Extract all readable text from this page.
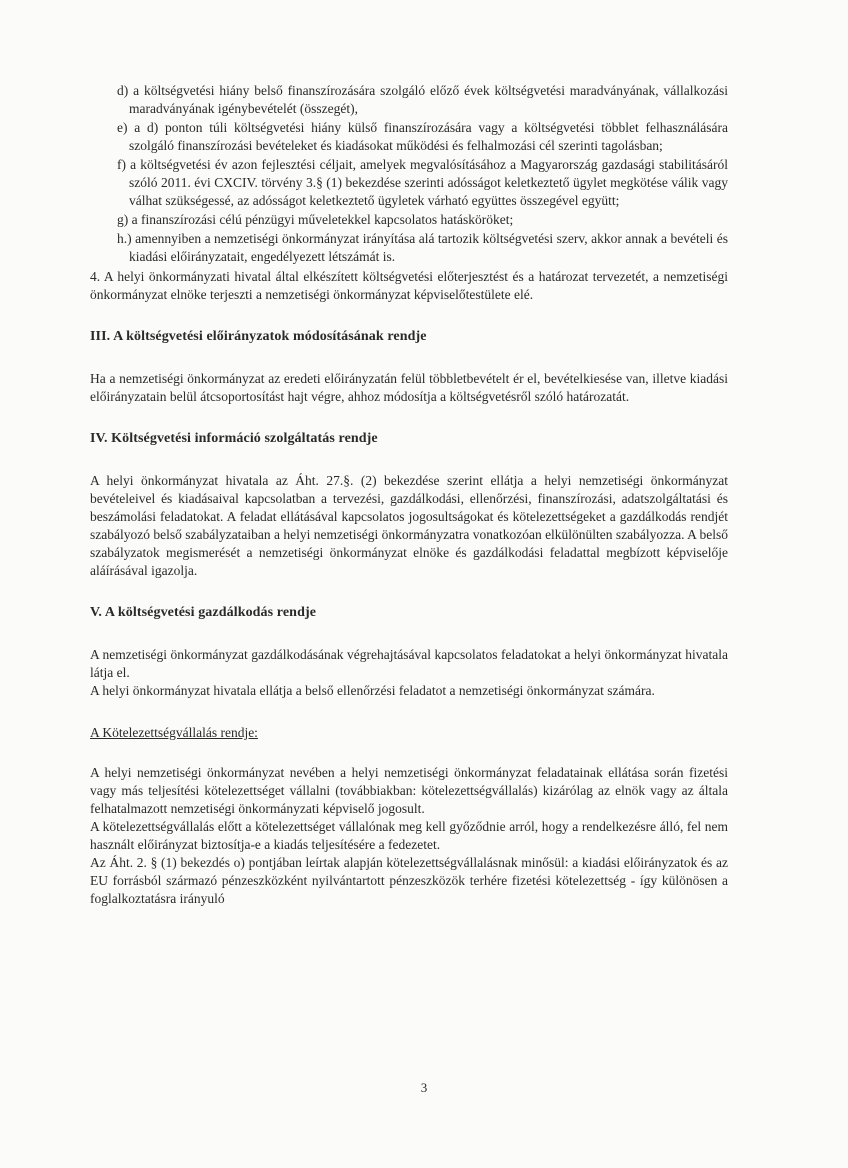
d) a költségvetési hiány belső finanszírozására szolgáló előző évek költségvetési maradványának, vállalkozási maradványának igénybevételét (összegét),

e) a d) ponton túli költségvetési hiány külső finanszírozására vagy a költségvetési többlet felhasználására szolgáló finanszírozási bevételeket és kiadásokat működési és felhalmozási cél szerinti tagolásban;

f) a költségvetési év azon fejlesztési céljait, amelyek megvalósításához a Magyarország gazdasági stabilitásáról szóló 2011. évi CXCIV. törvény 3.§ (1) bekezdése szerinti adósságot keletkeztető ügylet megkötése válik vagy válhat szükségessé, az adósságot keletkeztető ügyletek várható együttes összegével együtt;

g) a finanszírozási célú pénzügyi műveletekkel kapcsolatos hatásköröket;

h.) amennyiben a nemzetiségi önkormányzat irányítása alá tartozik költségvetési szerv, akkor annak a bevételi és kiadási előirányzatait, engedélyezett létszámát is.

4. A helyi önkormányzati hivatal által elkészített költségvetési előterjesztést és a határozat tervezetét, a nemzetiségi önkormányzat elnöke terjeszti a nemzetiségi önkormányzat képviselőtestülete elé.

III. A költségvetési előirányzatok módosításának rendje

Ha a nemzetiségi önkormányzat az eredeti előirányzatán felül többletbevételt ér el, bevételkiesése van, illetve kiadási előirányzatain belül átcsoportosítást hajt végre, ahhoz módosítja a költségvetésről szóló határozatát.

IV. Költségvetési információ szolgáltatás rendje

A helyi önkormányzat hivatala az Áht. 27.§. (2) bekezdése szerint ellátja a helyi nemzetiségi önkormányzat bevételeivel és kiadásaival kapcsolatban a tervezési, gazdálkodási, ellenőrzési, finanszírozási, adatszolgáltatási és beszámolási feladatokat. A feladat ellátásával kapcsolatos jogosultságokat és kötelezettségeket a gazdálkodás rendjét szabályozó belső szabályzataiban a helyi nemzetiségi önkormányzatra vonatkozóan elkülönülten szabályozza. A belső szabályzatok megismerését a nemzetiségi önkormányzat elnöke és gazdálkodási feladattal megbízott képviselője aláírásával igazolja.

V. A költségvetési gazdálkodás rendje

A nemzetiségi önkormányzat gazdálkodásának végrehajtásával kapcsolatos feladatokat a helyi önkormányzat hivatala látja el.

A helyi önkormányzat hivatala ellátja a belső ellenőrzési feladatot a nemzetiségi önkormányzat számára.

A Kötelezettségvállalás rendje:

A helyi nemzetiségi önkormányzat nevében a helyi nemzetiségi önkormányzat feladatainak ellátása során fizetési vagy más teljesítési kötelezettséget vállalni (továbbiakban: kötelezettségvállalás) kizárólag az elnök vagy az általa felhatalmazott nemzetiségi önkormányzati képviselő jogosult.

A kötelezettségvállalás előtt a kötelezettséget vállalónak meg kell győződnie arról, hogy a rendelkezésre álló, fel nem használt előirányzat biztosítja-e a kiadás teljesítésére a fedezetet.

Az Áht. 2. § (1) bekezdés o) pontjában leírtak alapján kötelezettségvállalásnak minősül: a kiadási előirányzatok és az EU forrásból származó pénzeszközként nyilvántartott pénzeszközök terhére fizetési kötelezettség - így különösen a foglalkoztatásra irányuló

3
